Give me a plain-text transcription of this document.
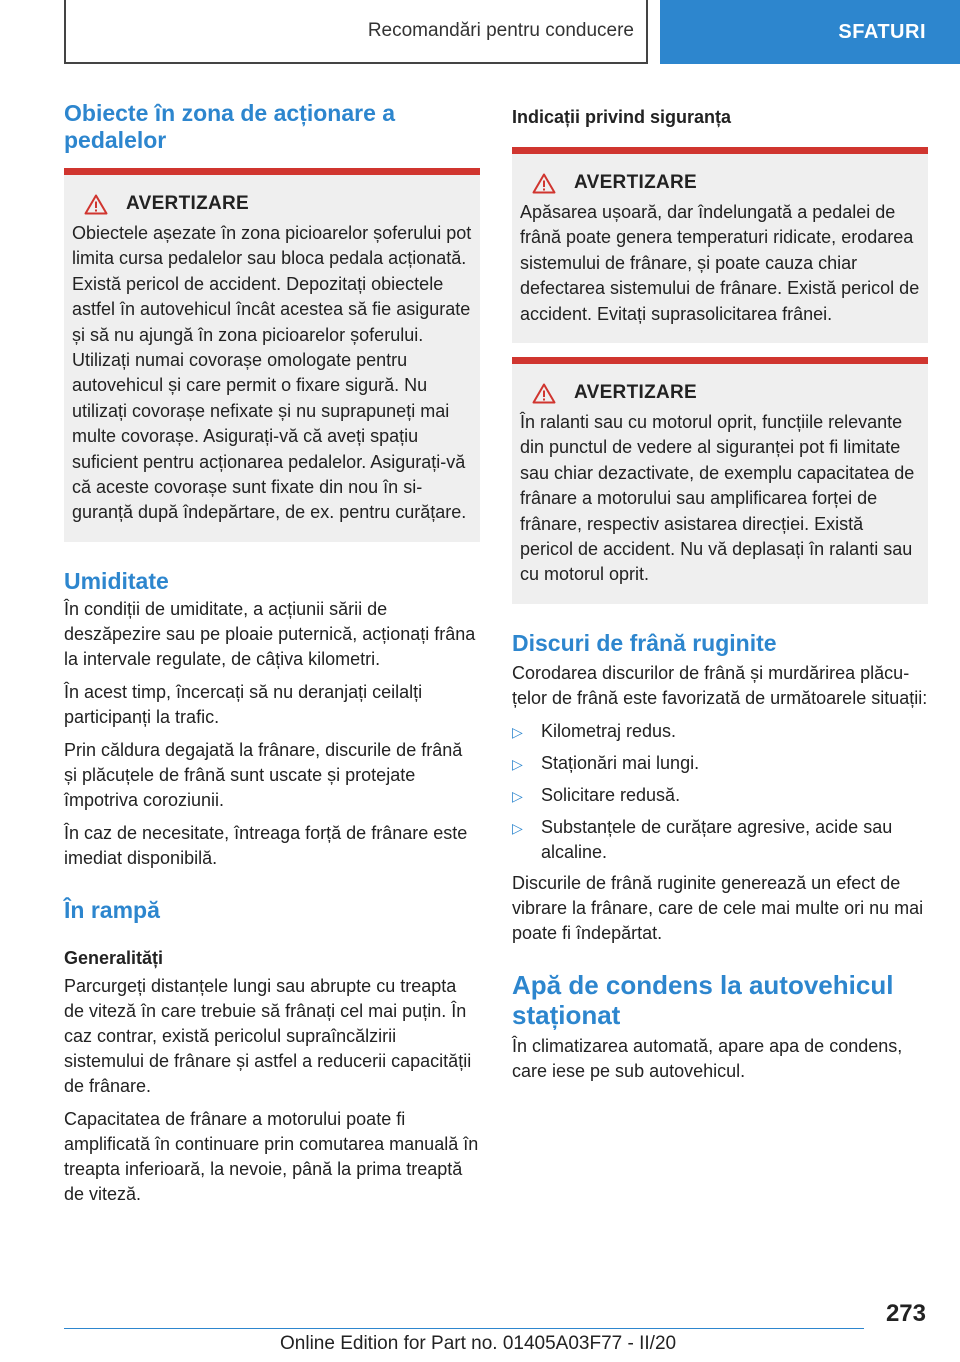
Recomandări pentru conducere	SFATURI
Obiecte în zona de acționare a pedalelor
AVERTIZARE

Obiectele așezate în zona picioarelor șoferului pot limita cursa pedalelor sau bloca pedala acționată. Există pericol de accident. Depozitați obiectele astfel în autovehicul încât acestea să fie asigurate și să nu ajungă în zona picioarelor șoferului. Utilizați numai covorașe omologate pentru autovehicul și care permit o fixare sigură. Nu utilizați covorașe nefixate și nu suprapuneți mai multe covorașe. Asigurați-vă că aveți spațiu suficient pentru acționarea pedalelor. Asigurați-vă că aceste covorașe sunt fixate din nou în siguranță după îndepărtare, de ex. pentru curățare.

Umiditate

În condiții de umiditate, a acțiunii sării de deszăpezire sau pe ploaie puternică, acționați frâna la intervale regulate, de câțiva kilometri.

În acest timp, încercați să nu deranjați ceilalți participanți la trafic.

Prin căldura degajată la frânare, discurile de frână și plăcuțele de frână sunt uscate și protejate împotriva coroziunii.

În caz de necesitate, întreaga forță de frânare este imediat disponibilă.

În rampă
Generalități

Parcurgeți distanțele lungi sau abrupte cu treapta de viteză în care trebuie să frânați cel mai puțin. În caz contrar, există pericolul supraîncălzirii sistemului de frânare și astfel a reducerii capacității de frânare.

Capacitatea de frânare a motorului poate fi amplificată în continuare prin comutarea manuală în treapta inferioară, la nevoie, până la prima treaptă de viteză.

Indicații privind siguranța
AVERTIZARE

Apăsarea ușoară, dar îndelungată a pedalei de frână poate genera temperaturi ridicate, erodarea sistemului de frânare, și poate cauza chiar defectarea sistemului de frânare. Există pericol de accident. Evitați suprasolicitarea frânei.

AVERTIZARE

În ralanti sau cu motorul oprit, funcțiile relevante din punctul de vedere al siguranței pot fi limitate sau chiar dezactivate, de exemplu capacitatea de frânare a motorului sau amplificarea forței de frânare, respectiv asistarea direcției. Există pericol de accident. Nu vă deplasați în ralanti sau cu motorul oprit.

Discuri de frână ruginite

Corodarea discurilor de frână și murdărirea plăcuțelor de frână este favorizată de următoarele situații:

▷	Kilometraj redus.
▷	Staționări mai lungi.
▷	Solicitare redusă.
▷	Substanțele de curățare agresive, acide sau alcaline.

Discurile de frână ruginite generează un efect de vibrare la frânare, care de cele mai multe ori nu mai poate fi îndepărtat.

Apă de condens la autovehicul staționat

În climatizarea automată, apare apa de condens, care iese pe sub autovehicul.

273
Online Edition for Part no. 01405A03F77 - II/20
